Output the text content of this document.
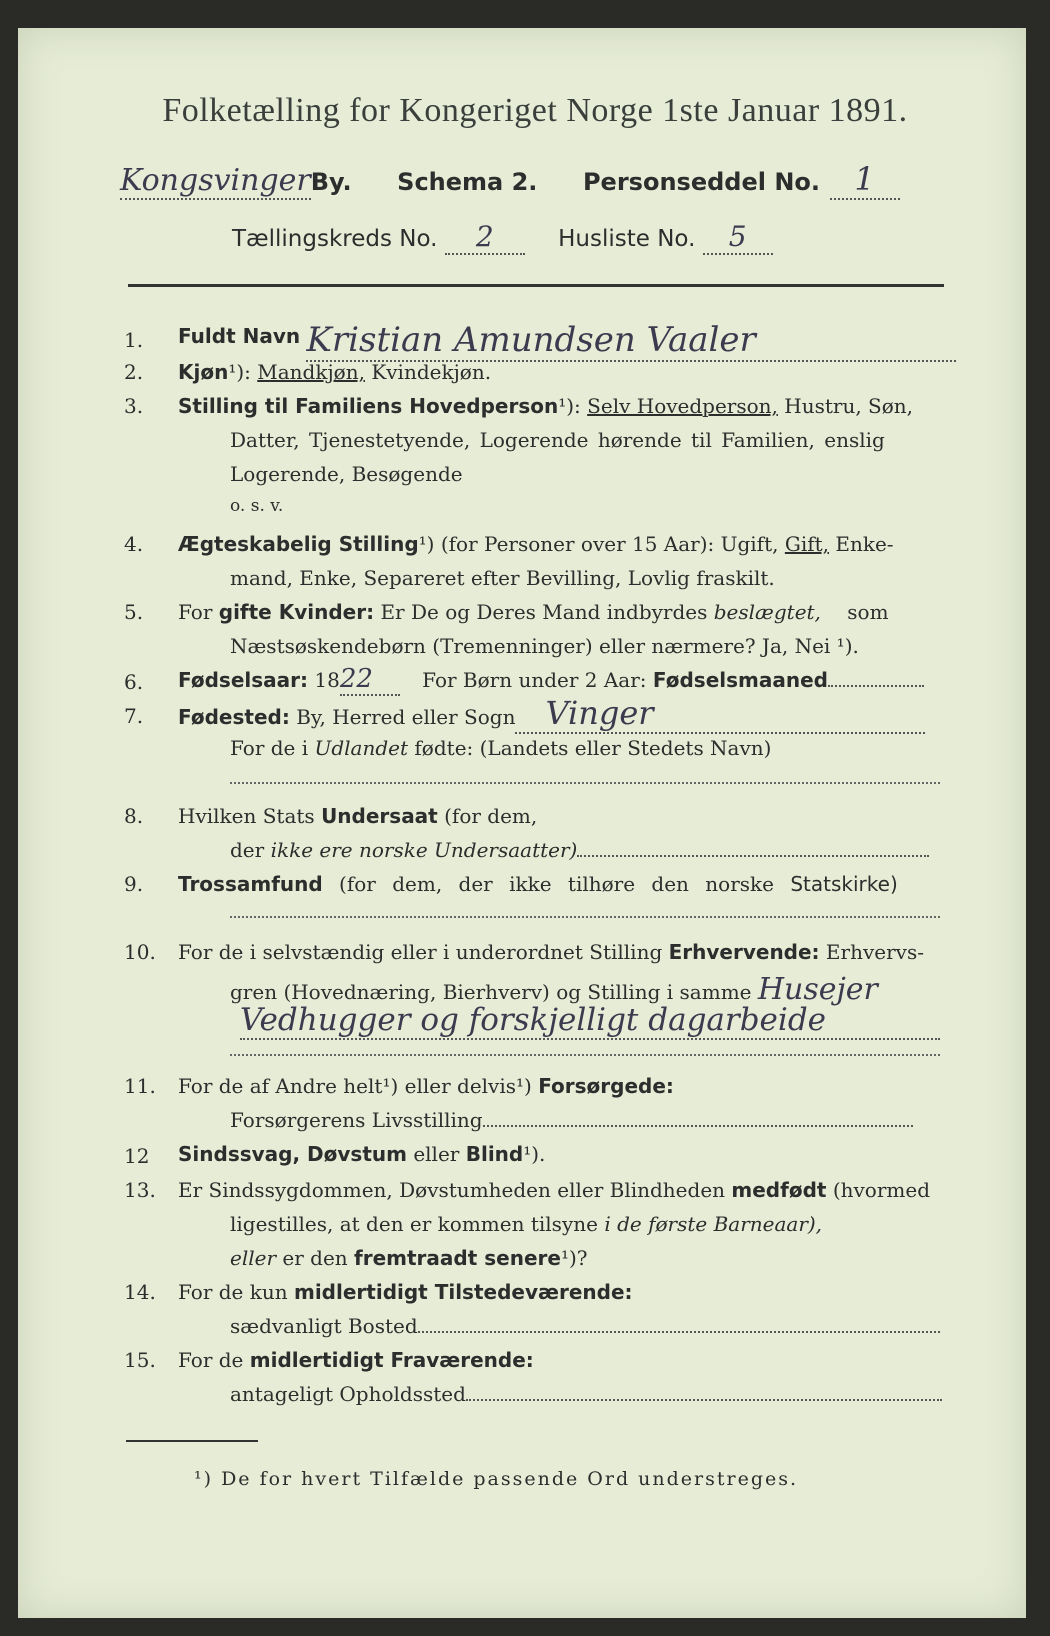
Folketælling for Kongeriget Norge 1ste Januar 1891.
KongsvingerBy. Schema 2. Personseddel No. 1
Tællingskreds No. 2	Husliste No. 5
1. Fuldt Navn Kristian Amundsen Vaaler
2. Kjøn¹): Mandkjøn, Kvindekjøn.
3. Stilling til Familiens Hovedperson¹): Selv Hovedperson, Hustru, Søn,
Datter, Tjenestetyende, Logerende hørende til Familien, enslig
Logerende, Besøgende
o. s. v.
4. Ægteskabelig Stilling¹) (for Personer over 15 Aar): Ugift, Gift, Enke-
mand, Enke, Separeret efter Bevilling, Lovlig fraskilt.
5. For gifte Kvinder: Er De og Deres Mand indbyrdes beslægtet, som
Næstsøskendebørn (Tremenninger) eller nærmere? Ja, Nei ¹).
6. Fødselsaar: 1822 For Børn under 2 Aar: Fødselsmaaned
7. Fødested: By, Herred eller Sogn Vinger
For de i Udlandet fødte: (Landets eller Stedets Navn)
8. Hvilken Stats Undersaat (for dem,
der ikke ere norske Undersaatter)
9. Trossamfund (for dem, der ikke tilhøre den norske Statskirke)
10. For de i selvstændig eller i underordnet Stilling Erhvervende: Erhvervs-
gren (Hovednæring, Bierhverv) og Stilling i samme Husejer
Vedhugger og forskjelligt dagarbeide
11. For de af Andre helt¹) eller delvis¹) Forsørgede:
Forsørgerens Livsstilling
12 Sindssvag, Døvstum eller Blind¹).
13. Er Sindssygdommen, Døvstumheden eller Blindheden medfødt (hvormed
ligestilles, at den er kommen tilsyne i de første Barneaar),
eller er den fremtraadt senere¹)?
14. For de kun midlertidigt Tilstedeværende:
sædvanligt Bosted
15. For de midlertidigt Fraværende:
antageligt Opholdssted
¹) De for hvert Tilfælde passende Ord understreges.
